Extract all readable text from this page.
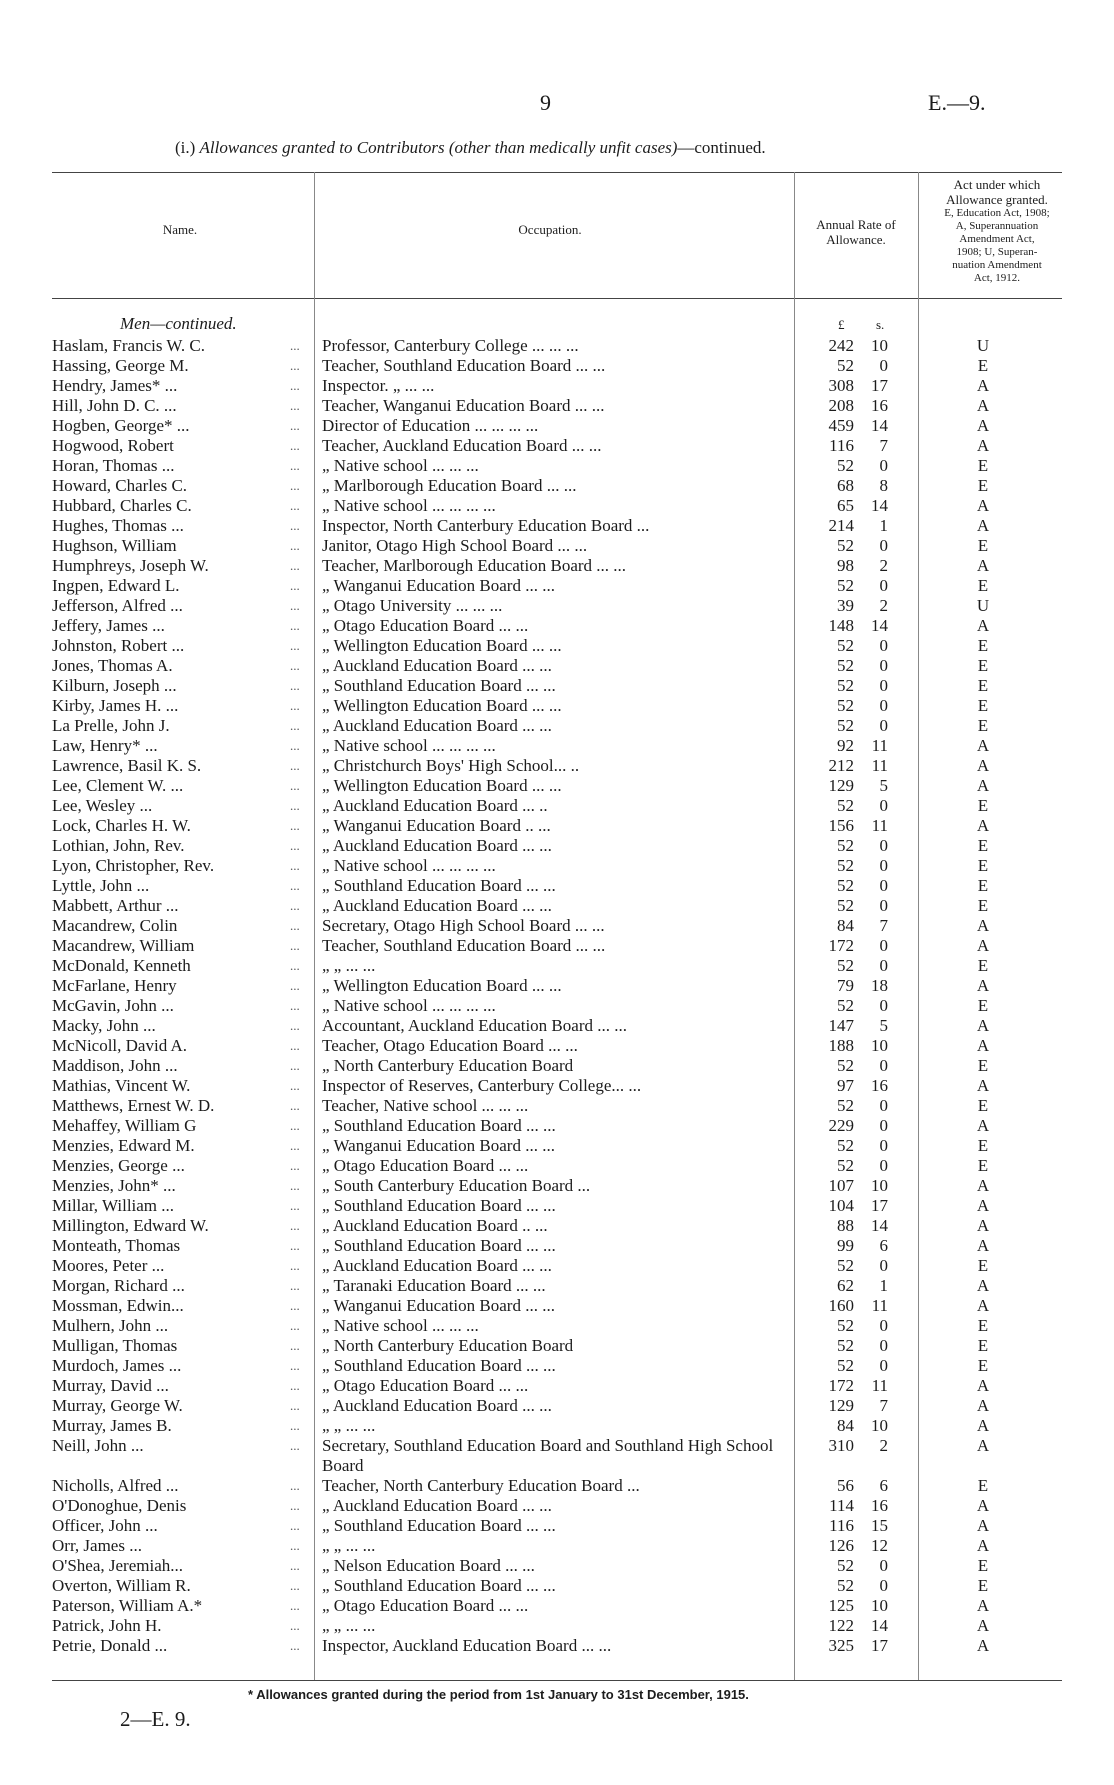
9	E.—9.
(i.) Allowances granted to Contributors (other than medically unfit cases)—continued.
Name.	Occupation.	Annual Rate of
Allowance.
Act under which
Allowance granted.
E, Education Act, 1908;
A, Superannuation
Amendment Act,
1908; U, Superan-
nuation Amendment
Act, 1912.
Men—continued.	£ s.
Haslam, Francis W. C.	Professor, Canterbury College ... ... ...	242	10	U
...
Hassing, George M.	Teacher, Southland Education Board ... ...	52	0	E
...
Hendry, James* ...	Inspector. „ ... ...	308	17	A
...
Hill, John D. C. ...	Teacher, Wanganui Education Board ... ...	208	16	A
...
Hogben, George* ...	Director of Education ... ... ... ...	459	14	A
...
Hogwood, Robert	Teacher, Auckland Education Board ... ...	116	7	A
...
Horan, Thomas ...	„ Native school ... ... ...	52	0	E
...
Howard, Charles C.	„ Marlborough Education Board ... ...	68	8	E
...
Hubbard, Charles C.	„ Native school ... ... ... ...	65	14	A
...
Hughes, Thomas ...	Inspector, North Canterbury Education Board ...	214	1	A
...
Hughson, William	Janitor, Otago High School Board ... ...	52	0	E
...
Humphreys, Joseph W.	Teacher, Marlborough Education Board ... ...	98	2	A
...
Ingpen, Edward L.	„ Wanganui Education Board ... ...	52	0	E
...
Jefferson, Alfred ...	„ Otago University ... ... ...	39	2	U
...
Jeffery, James ...	„ Otago Education Board ... ...	148	14	A
...
Johnston, Robert ...	„ Wellington Education Board ... ...	52	0	E
...
Jones, Thomas A.	„ Auckland Education Board ... ...	52	0	E
...
Kilburn, Joseph ...	„ Southland Education Board ... ...	52	0	E
...
Kirby, James H. ...	„ Wellington Education Board ... ...	52	0	E
...
La Prelle, John J.	„ Auckland Education Board ... ...	52	0	E
...
Law, Henry* ...	„ Native school ... ... ... ...	92	11	A
...
Lawrence, Basil K. S.	„ Christchurch Boys' High School... ..	212	11	A
...
Lee, Clement W. ...	„ Wellington Education Board ... ...	129	5	A
...
Lee, Wesley ...	„ Auckland Education Board ... ..	52	0	E
...
Lock, Charles H. W.	„ Wanganui Education Board .. ...	156	11	A
...
Lothian, John, Rev.	„ Auckland Education Board ... ...	52	0	E
...
Lyon, Christopher, Rev.	„ Native school ... ... ... ...	52	0	E
...
Lyttle, John ...	„ Southland Education Board ... ...	52	0	E
...
Mabbett, Arthur ...	„ Auckland Education Board ... ...	52	0	E
...
Macandrew, Colin	Secretary, Otago High School Board ... ...	84	7	A
...
Macandrew, William	Teacher, Southland Education Board ... ...	172	0	A
...
McDonald, Kenneth	„ „ ... ...	52	0	E
...
McFarlane, Henry	„ Wellington Education Board ... ...	79	18	A
...
McGavin, John ...	„ Native school ... ... ... ...	52	0	E
...
Macky, John ...	Accountant, Auckland Education Board ... ...	147	5	A
...
McNicoll, David A.	Teacher, Otago Education Board ... ...	188	10	A
...
Maddison, John ...	„ North Canterbury Education Board	52	0	E
...
Mathias, Vincent W.	Inspector of Reserves, Canterbury College... ...	97	16	A
...
Matthews, Ernest W. D.	Teacher, Native school ... ... ...	52	0	E
...
Mehaffey, William G	„ Southland Education Board ... ...	229	0	A
...
Menzies, Edward M.	„ Wanganui Education Board ... ...	52	0	E
...
Menzies, George ...	„ Otago Education Board ... ...	52	0	E
...
Menzies, John* ...	„ South Canterbury Education Board ...	107	10	A
...
Millar, William ...	„ Southland Education Board ... ...	104	17	A
...
Millington, Edward W.	„ Auckland Education Board .. ...	88	14	A
...
Monteath, Thomas	„ Southland Education Board ... ...	99	6	A
...
Moores, Peter ...	„ Auckland Education Board ... ...	52	0	E
...
Morgan, Richard ...	„ Taranaki Education Board ... ...	62	1	A
...
Mossman, Edwin...	„ Wanganui Education Board ... ...	160	11	A
...
Mulhern, John ...	„ Native school ... ... ...	52	0	E
...
Mulligan, Thomas	„ North Canterbury Education Board	52	0	E
...
Murdoch, James ...	„ Southland Education Board ... ...	52	0	E
...
Murray, David ...	„ Otago Education Board ... ...	172	11	A
...
Murray, George W.	„ Auckland Education Board ... ...	129	7	A
...
Murray, James B.	„ „ ... ...	84	10	A
...
Neill, John ...	Secretary, Southland Education Board and Southland High School Board
310	2	A
...
Nicholls, Alfred ...	Teacher, North Canterbury Education Board ...	56	6	E
...
O'Donoghue, Denis	„ Auckland Education Board ... ...	114	16	A
...
Officer, John ...	„ Southland Education Board ... ...	116	15	A
...
Orr, James ...	„ „ ... ...	126	12	A
...
O'Shea, Jeremiah...	„ Nelson Education Board ... ...	52	0	E
...
Overton, William R.	„ Southland Education Board ... ...	52	0	E
...
Paterson, William A.*	„ Otago Education Board ... ...	125	10	A
...
Patrick, John H.	„ „ ... ...	122	14	A
...
Petrie, Donald ...	Inspector, Auckland Education Board ... ...	325	17	A
...
* Allowances granted during the period from 1st January to 31st December, 1915.
2—E. 9.
